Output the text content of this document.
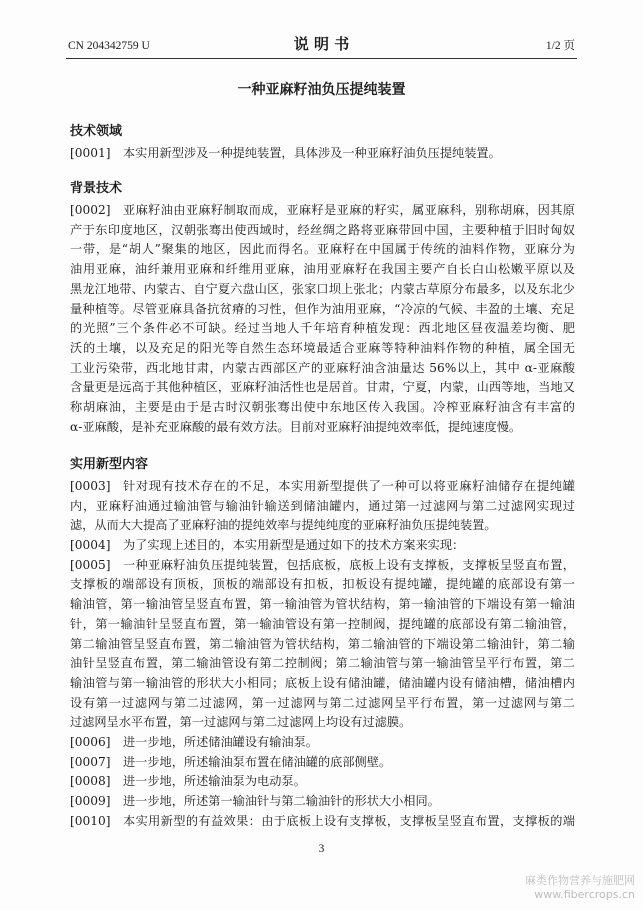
CN 204342759 U	说 明 书	1/2 页
一种亚麻籽油负压提纯装置
技术领域
[0001]	本实用新型涉及一种提纯装置，具体涉及一种亚麻籽油负压提纯装置。
背景技术
[0002]	亚麻籽油由亚麻籽制取而成，亚麻籽是亚麻的籽实，属亚麻科，别称胡麻，因其原
产于东印度地区，汉朝张骞出使西域时，经丝绸之路将亚麻带回中国，主要种植于旧时匈奴
一带，是“胡人”聚集的地区，因此而得名。亚麻籽在中国属于传统的油料作物，亚麻分为
油用亚麻，油纤兼用亚麻和纤维用亚麻，油用亚麻籽在我国主要产自长白山松嫩平原以及
黑龙江地带、内蒙古、自宁夏六盘山区，张家口坝上张北；内蒙古草原分布最多，以及东北少
量种植等。尽管亚麻具备抗贫瘠的习性，但作为油用亚麻，“冷凉的气候、丰盈的土壤、充足
的光照”三个条件必不可缺。经过当地人千年培育种植发现：西北地区昼夜温差均衡、肥
沃的土壤，以及充足的阳光等自然生态环境最适合亚麻等特种油料作物的种植，属全国无
工业污染带，西北地甘肃，内蒙古西部区产的亚麻籽油含油量达 56%以上，其中 α-亚麻酸
含量更是远高于其他种植区，亚麻籽油活性也是居首。甘肃，宁夏，内蒙，山西等地，当地又
称胡麻油，主要是由于是古时汉朝张骞出使中东地区传入我国。冷榨亚麻籽油含有丰富的
α-亚麻酸，是补充亚麻酸的最有效方法。目前对亚麻籽油提纯效率低，提纯速度慢。
实用新型内容
[0003]	针对现有技术存在的不足，本实用新型提供了一种可以将亚麻籽油储存在提纯罐
内，亚麻籽油通过输油管与输油针输送到储油罐内，通过第一过滤网与第二过滤网实现过
滤，从而大大提高了亚麻籽油的提纯效率与提纯纯度的亚麻籽油负压提纯装置。
[0004]	为了实现上述目的，本实用新型是通过如下的技术方案来实现：
[0005]	一种亚麻籽油负压提纯装置，包括底板，底板上设有支撑板，支撑板呈竖直布置，
支撑板的端部设有顶板，顶板的端部设有扣板，扣板设有提纯罐，提纯罐的底部设有第一
输油管，第一输油管呈竖直布置，第一输油管为管状结构，第一输油管的下端设有第一输油
针，第一输油针呈竖直布置，第一输油管设有第一控制阀，提纯罐的底部设有第二输油管，
第二输油管呈竖直布置，第二输油管为管状结构，第二输油管的下端设第二输油针，第二输
油针呈竖直布置，第二输油管设有第二控制阀；第二输油管与第一输油管呈平行布置，第二
输油管与第一输油管的形状大小相同；底板上设有储油罐，储油罐内设有储油槽，储油槽内
设有第一过滤网与第二过滤网，第一过滤网与第二过滤网呈平行布置，第一过滤网与第二
过滤网呈水平布置，第一过滤网与第二过滤网上均设有过滤膜。
[0006]	进一步地，所述储油罐设有输油泵。
[0007]	进一步地，所述输油泵布置在储油罐的底部侧壁。
[0008]	进一步地，所述输油泵为电动泵。
[0009]	进一步地，所述第一输油针与第二输油针的形状大小相同。
[0010]	本实用新型的有益效果：由于底板上设有支撑板，支撑板呈竖直布置，支撑板的端
3
麻类作物营养与施肥网
www.fibercrops.cn
